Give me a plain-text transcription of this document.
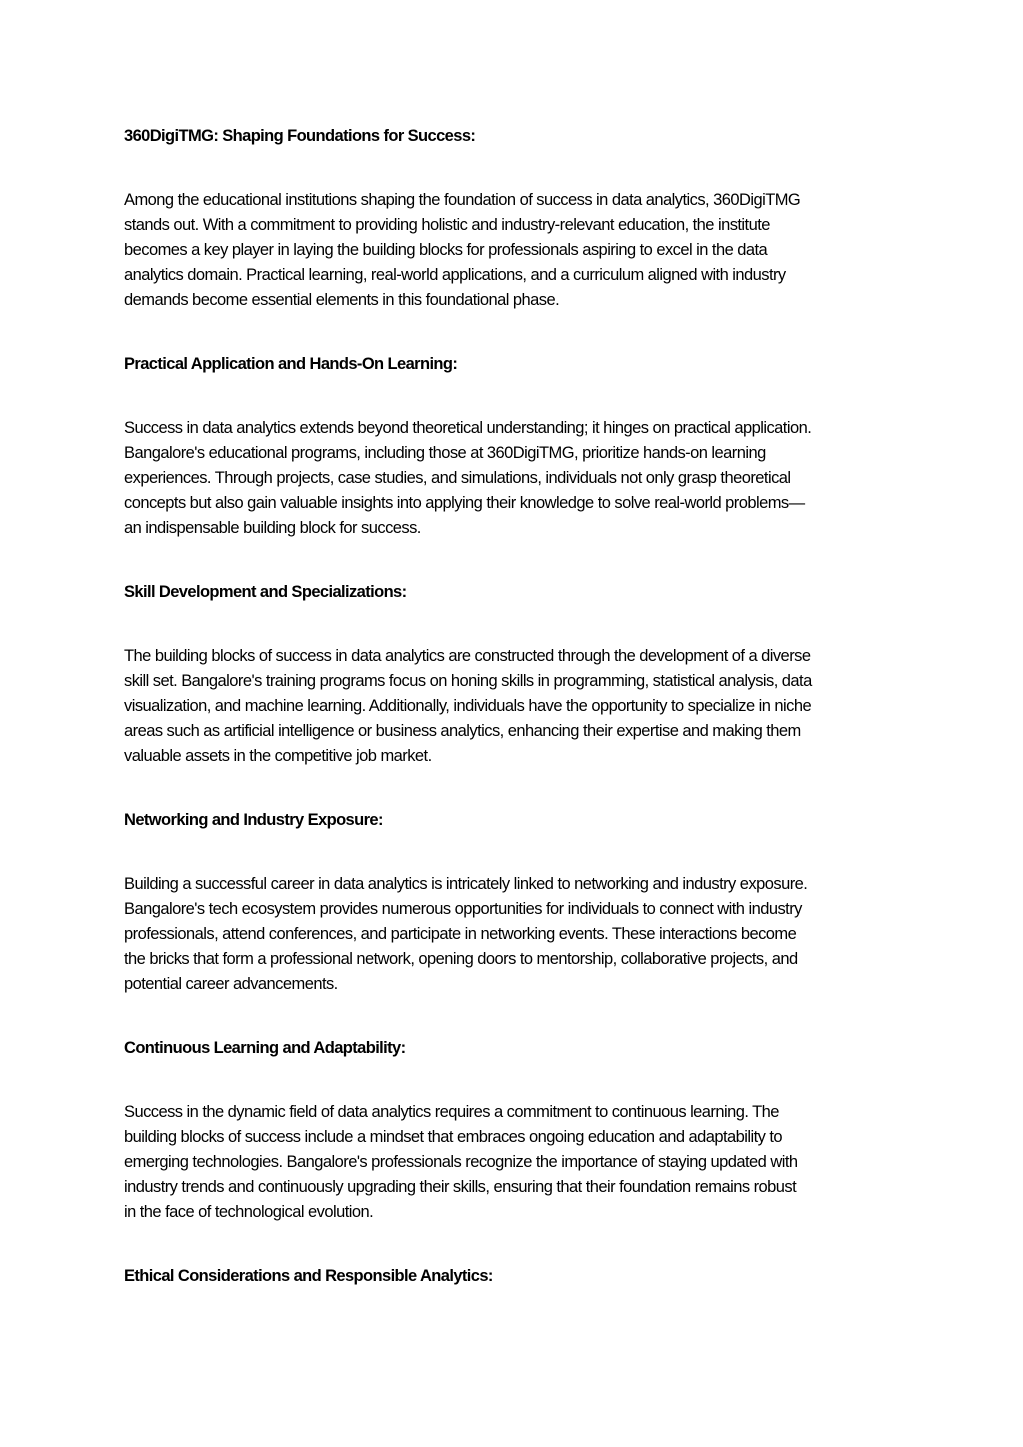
360DigiTMG: Shaping Foundations for Success:

Among the educational institutions shaping the foundation of success in data analytics, 360DigiTMG
stands out. With a commitment to providing holistic and industry-relevant education, the institute
becomes a key player in laying the building blocks for professionals aspiring to excel in the data
analytics domain. Practical learning, real-world applications, and a curriculum aligned with industry
demands become essential elements in this foundational phase.

Practical Application and Hands-On Learning:

Success in data analytics extends beyond theoretical understanding; it hinges on practical application.
Bangalore's educational programs, including those at 360DigiTMG, prioritize hands-on learning
experiences. Through projects, case studies, and simulations, individuals not only grasp theoretical
concepts but also gain valuable insights into applying their knowledge to solve real-world problems—
an indispensable building block for success.

Skill Development and Specializations:

The building blocks of success in data analytics are constructed through the development of a diverse
skill set. Bangalore's training programs focus on honing skills in programming, statistical analysis, data
visualization, and machine learning. Additionally, individuals have the opportunity to specialize in niche
areas such as artificial intelligence or business analytics, enhancing their expertise and making them
valuable assets in the competitive job market.

Networking and Industry Exposure:

Building a successful career in data analytics is intricately linked to networking and industry exposure.
Bangalore's tech ecosystem provides numerous opportunities for individuals to connect with industry
professionals, attend conferences, and participate in networking events. These interactions become
the bricks that form a professional network, opening doors to mentorship, collaborative projects, and
potential career advancements.

Continuous Learning and Adaptability:

Success in the dynamic field of data analytics requires a commitment to continuous learning. The
building blocks of success include a mindset that embraces ongoing education and adaptability to
emerging technologies. Bangalore's professionals recognize the importance of staying updated with
industry trends and continuously upgrading their skills, ensuring that their foundation remains robust
in the face of technological evolution.

Ethical Considerations and Responsible Analytics:
